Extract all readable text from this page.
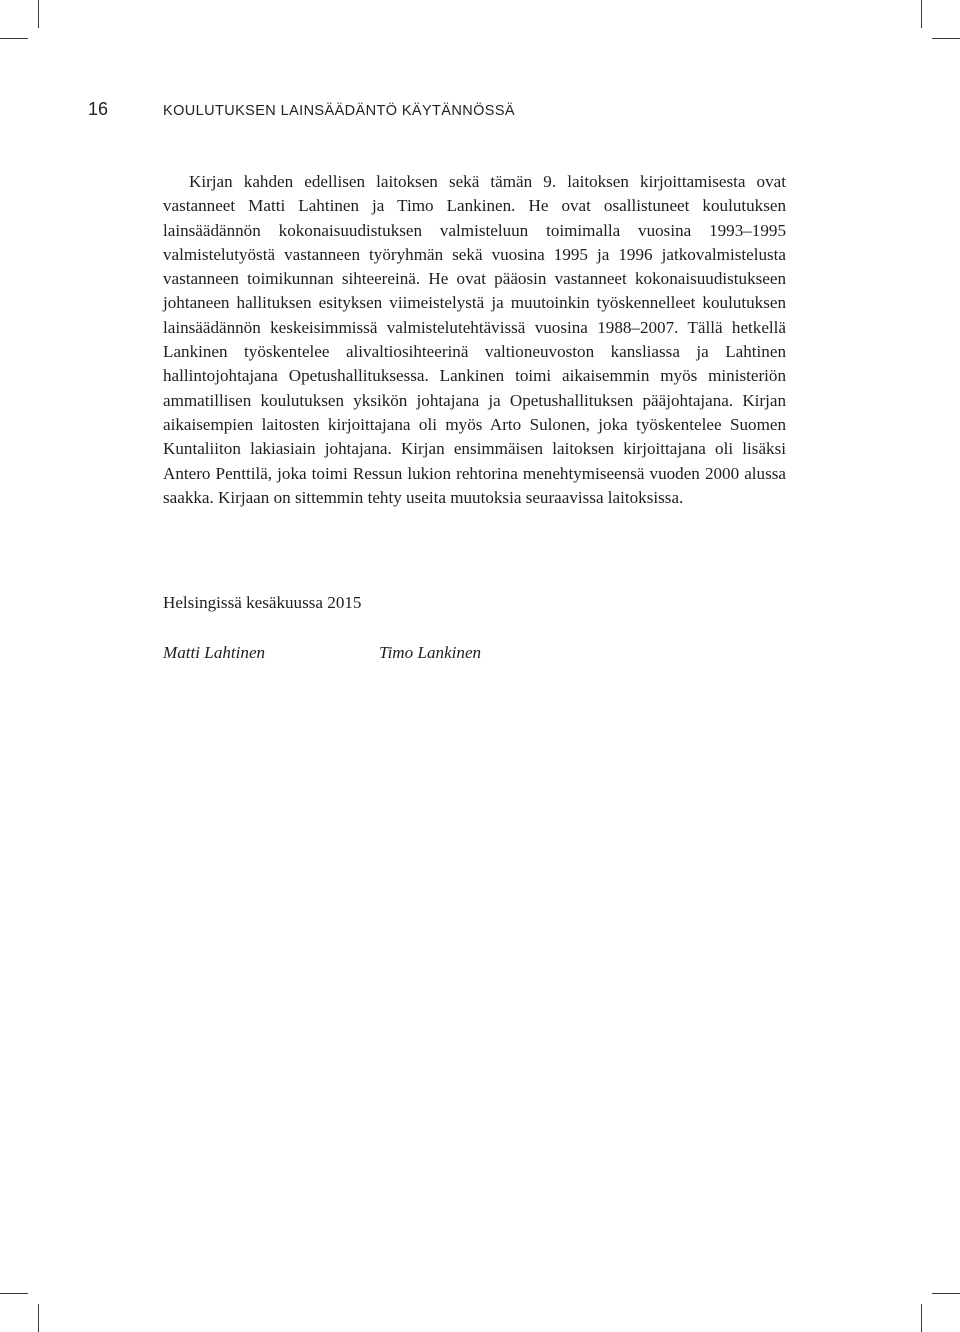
16	KOULUTUKSEN LAINSÄÄDÄNTÖ KÄYTÄNNÖSSÄ

Kirjan kahden edellisen laitoksen sekä tämän 9. laitoksen kirjoittamisesta ovat vastanneet Matti Lahtinen ja Timo Lankinen. He ovat osallistuneet koulutuksen lainsäädännön kokonaisuudistuksen valmisteluun toimimalla vuosina 1993–1995 valmistelutyöstä vastanneen työryhmän sekä vuosina 1995 ja 1996 jatkovalmistelusta vastanneen toimikunnan sihteereinä. He ovat pääosin vastanneet kokonaisuudistukseen johtaneen hallituksen esityksen viimeistelystä ja muutoinkin työskennelleet koulutuksen lainsäädännön keskeisimmissä valmistelutehtävissä vuosina 1988–2007. Tällä hetkellä Lankinen työskentelee alivaltiosihteerinä valtioneuvoston kansliassa ja Lahtinen hallintojohtajana Opetushallituksessa. Lankinen toimi aikaisemmin myös ministeriön ammatillisen koulutuksen yksikön johtajana ja Opetushallituksen pääjohtajana. Kirjan aikaisempien laitosten kirjoittajana oli myös Arto Sulonen, joka työskentelee Suomen Kuntaliiton lakiasiain johtajana. Kirjan ensimmäisen laitoksen kirjoittajana oli lisäksi Antero Penttilä, joka toimi Ressun lukion rehtorina menehtymiseensä vuoden 2000 alussa saakka. Kirjaan on sittemmin tehty useita muutoksia seuraavissa laitoksissa.

Helsingissä kesäkuussa 2015

Matti Lahtinen	Timo Lankinen
